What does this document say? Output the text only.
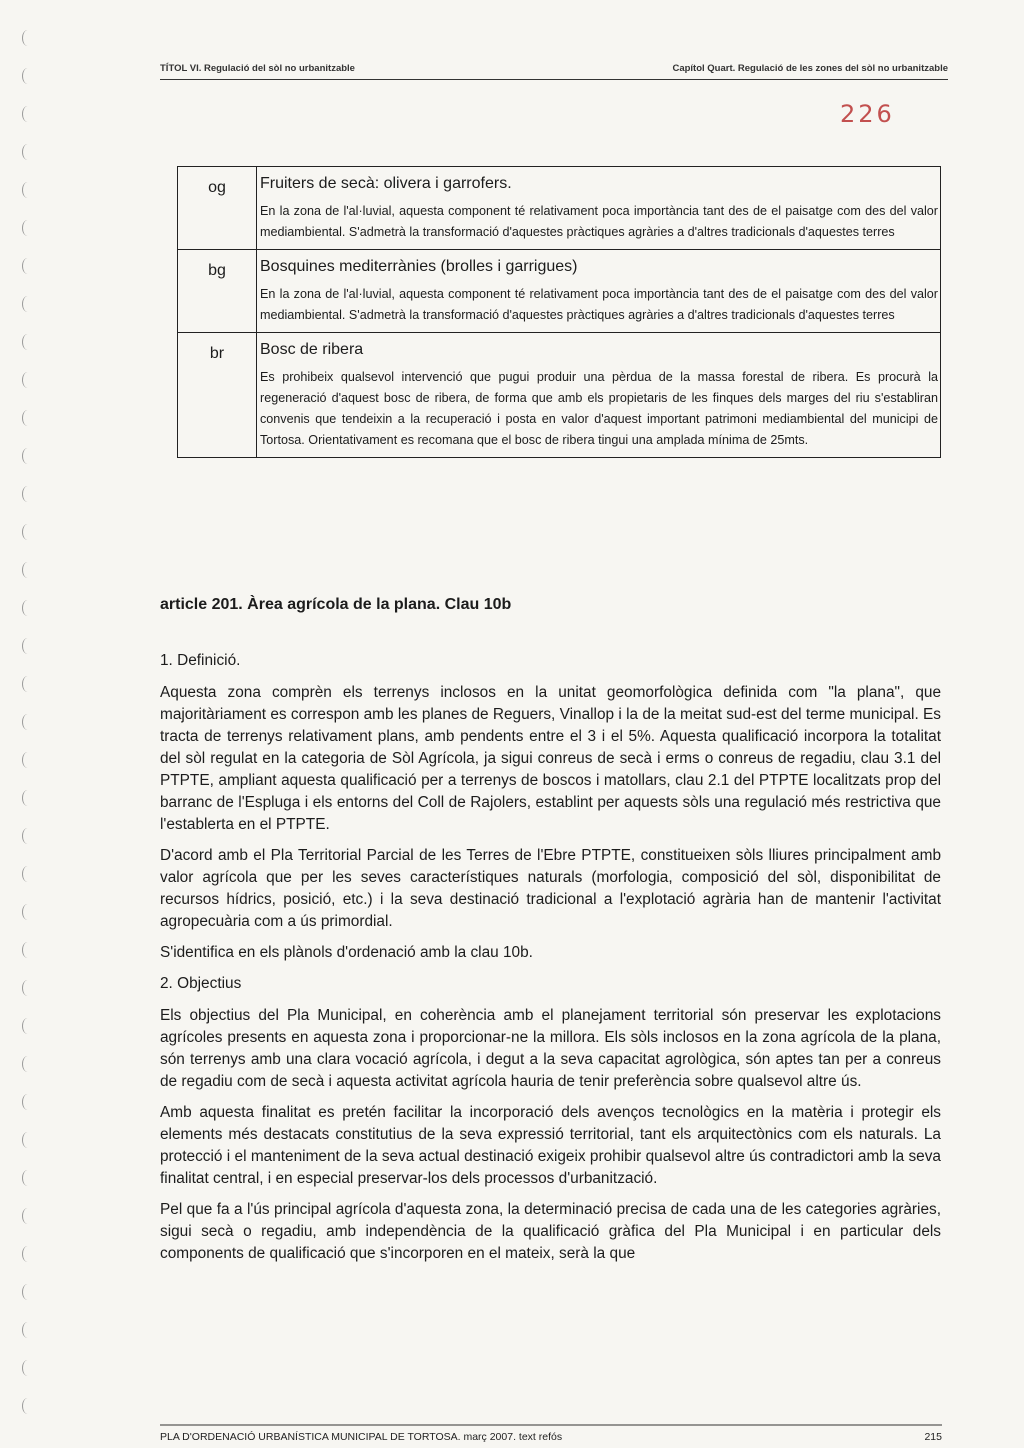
TÍTOL VI. Regulació del sòl no urbanitzable	Capítol Quart. Regulació de les zones del sòl no urbanitzable
226
og	Fruiters de secà: olivera i garrofers.
En la zona de l'al·luvial, aquesta component té relativament poca importància tant des de el paisatge com des del valor mediambiental. S'admetrà la transformació d'aquestes pràctiques agràries a d'altres tradicionals d'aquestes terres

bg	Bosquines mediterrànies (brolles i garrigues)
En la zona de l'al·luvial, aquesta component té relativament poca importància tant des de el paisatge com des del valor mediambiental. S'admetrà la transformació d'aquestes pràctiques agràries a d'altres tradicionals d'aquestes terres

br	Bosc de ribera
Es prohibeix qualsevol intervenció que pugui produir una pèrdua de la massa forestal de ribera. Es procurà la regeneració d'aquest bosc de ribera, de forma que amb els propietaris de les finques dels marges del riu s'establiran convenis que tendeixin a la recuperació i posta en valor d'aquest important patrimoni mediambiental del municipi de Tortosa. Orientativament es recomana que el bosc de ribera tingui una amplada mínima de 25mts.
article 201. Àrea agrícola de la plana. Clau 10b

1. Definició.

Aquesta zona comprèn els terrenys inclosos en la unitat geomorfològica definida com "la plana", que majoritàriament es correspon amb les planes de Reguers, Vinallop i la de la meitat sud-est del terme municipal. Es tracta de terrenys relativament plans, amb pendents entre el 3 i el 5%. Aquesta qualificació incorpora la totalitat del sòl regulat en la categoria de Sòl Agrícola, ja sigui conreus de secà i erms o conreus de regadiu, clau 3.1 del PTPTE, ampliant aquesta qualificació per a terrenys de boscos i matollars, clau 2.1 del PTPTE localitzats prop del barranc de l'Espluga i els entorns del Coll de Rajolers, establint per aquests sòls una regulació més restrictiva que l'establerta en el PTPTE.

D'acord amb el Pla Territorial Parcial de les Terres de l'Ebre PTPTE, constitueixen sòls lliures principalment amb valor agrícola que per les seves característiques naturals (morfologia, composició del sòl, disponibilitat de recursos hídrics, posició, etc.) i la seva destinació tradicional a l'explotació agrària han de mantenir l'activitat agropecuària com a ús primordial.

S'identifica en els plànols d'ordenació amb la clau 10b.

2. Objectius

Els objectius del Pla Municipal, en coherència amb el planejament territorial són preservar les explotacions agrícoles presents en aquesta zona i proporcionar-ne la millora. Els sòls inclosos en la zona agrícola de la plana, són terrenys amb una clara vocació agrícola, i degut a la seva capacitat agrològica, són aptes tan per a conreus de regadiu com de secà i aquesta activitat agrícola hauria de tenir preferència sobre qualsevol altre ús.

Amb aquesta finalitat es pretén facilitar la incorporació dels avenços tecnològics en la matèria i protegir els elements més destacats constitutius de la seva expressió territorial, tant els arquitectònics com els naturals. La protecció i el manteniment de la seva actual destinació exigeix prohibir qualsevol altre ús contradictori amb la seva finalitat central, i en especial preservar-los dels processos d'urbanització.

Pel que fa a l'ús principal agrícola d'aquesta zona, la determinació precisa de cada una de les categories agràries, sigui secà o regadiu, amb independència de la qualificació gràfica del Pla Municipal i en particular dels components de qualificació que s'incorporen en el mateix, serà la que

PLA D'ORDENACIÓ URBANÍSTICA MUNICIPAL DE TORTOSA. març 2007. text refós	215
